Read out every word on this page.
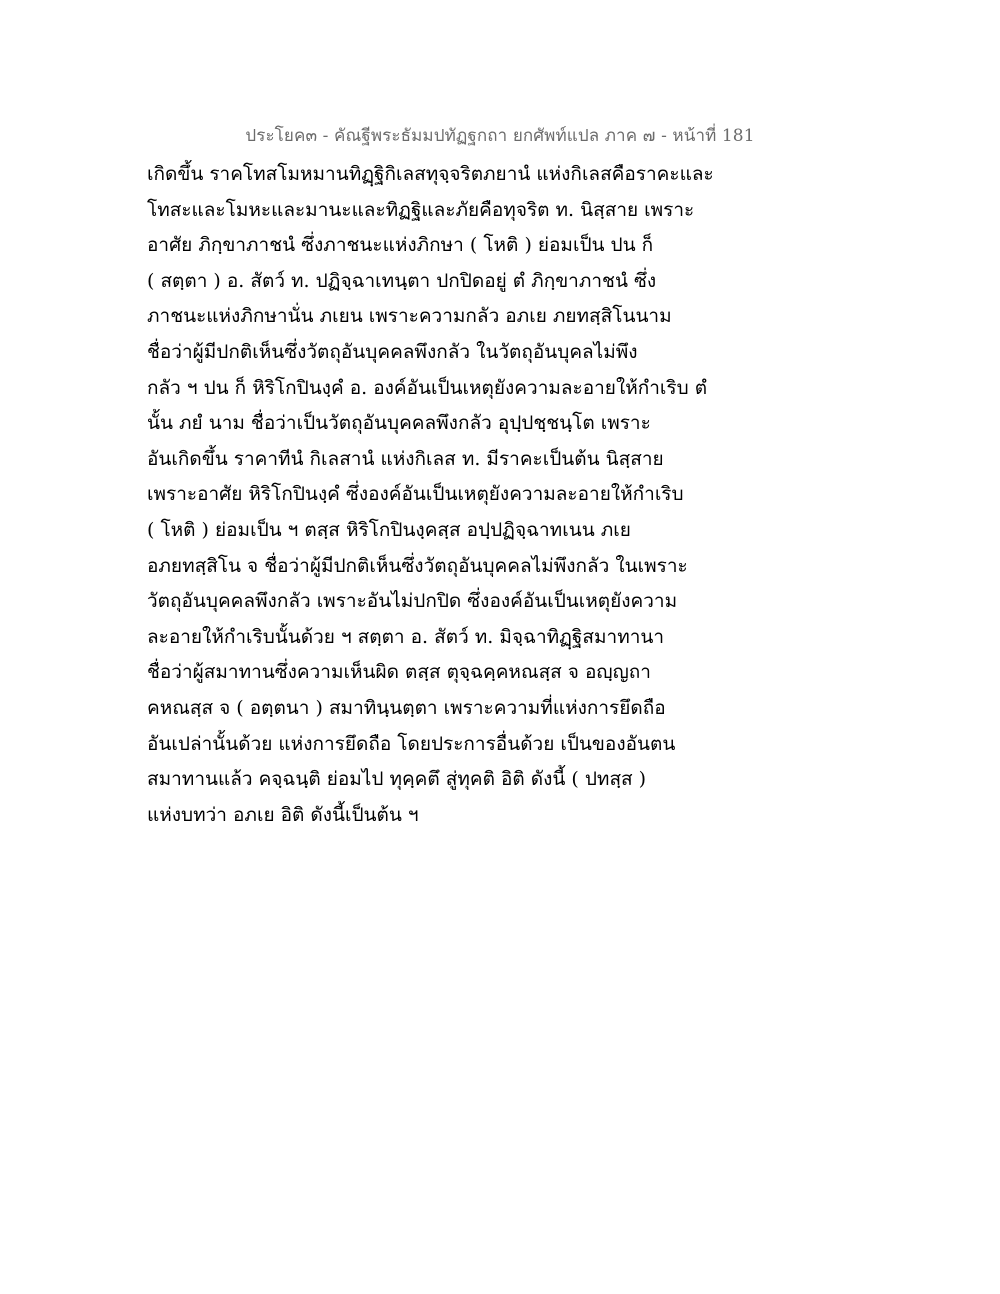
ประโยค๓ - คัณฐีพระธัมมปทัฏฐกถา ยกศัพท์แปล ภาค ๗ - หน้าที่ 181
เกิดขึ้น ราคโทสโมหมานทิฏฺฐิกิเลสทุจฺจริตภยานํ แห่งกิเลสคือราคะและ
โทสะและโมหะและมานะและทิฏฐิและภัยคือทุจริต ท. นิสฺสาย เพราะ
อาศัย ภิกฺขาภาชนํ ซึ่งภาชนะแห่งภิกษา ( โหติ ) ย่อมเป็น ปน ก็
( สตฺตา ) อ. สัตว์ ท. ปฏิจฺฉาเทนฺตา ปกปิดอยู่ ตํ ภิกฺขาภาชนํ ซึ่ง
ภาชนะแห่งภิกษานั่น ภเยน เพราะความกลัว อภเย ภยทสฺสิโนนาม
ชื่อว่าผู้มีปกติเห็นซึ่งวัตถุอันบุคคลพึงกลัว ในวัตถุอันบุคลไม่พึง
กลัว ฯ ปน ก็ หิริโกปินงฺคํ อ. องค์อันเป็นเหตุยังความละอายให้กำเริบ ตํ
นั้น ภยํ นาม ชื่อว่าเป็นวัตถุอันบุคคลพึงกลัว อุปฺปชฺชนฺโต เพราะ
อันเกิดขึ้น ราคาทีนํ กิเลสานํ แห่งกิเลส ท. มีราคะเป็นต้น นิสฺสาย
เพราะอาศัย หิริโกปินงฺคํ ซึ่งองค์อันเป็นเหตุยังความละอายให้กำเริบ
( โหติ ) ย่อมเป็น ฯ ตสฺส หิริโกปินงฺคสฺส อปฺปฏิจฺฉาทเนน ภเย
อภยทสฺสิโน จ ชื่อว่าผู้มีปกติเห็นซึ่งวัตถุอันบุคคลไม่พึงกลัว ในเพราะ
วัตถุอันบุคคลพึงกลัว เพราะอันไม่ปกปิด ซึ่งองค์อันเป็นเหตุยังความ
ละอายให้กำเริบนั้นด้วย ฯ สตฺตา อ. สัตว์ ท. มิจฺฉาทิฏฺฐิสมาทานา
ชื่อว่าผู้สมาทานซึ่งความเห็นผิด ตสฺส ตุจฺฉคฺคหณสฺส จ อญฺญถา
คหณสฺส จ ( อตฺตนา ) สมาทินฺนตฺตา เพราะความที่แห่งการยึดถือ
อันเปล่านั้นด้วย แห่งการยึดถือ โดยประการอื่นด้วย เป็นของอันตน
สมาทานแล้ว คจฺฉนฺติ ย่อมไป ทุคฺคตึ สู่ทุคติ อิติ ดังนี้ ( ปทสฺส )
แห่งบทว่า อภเย อิติ ดังนี้เป็นต้น ฯ
